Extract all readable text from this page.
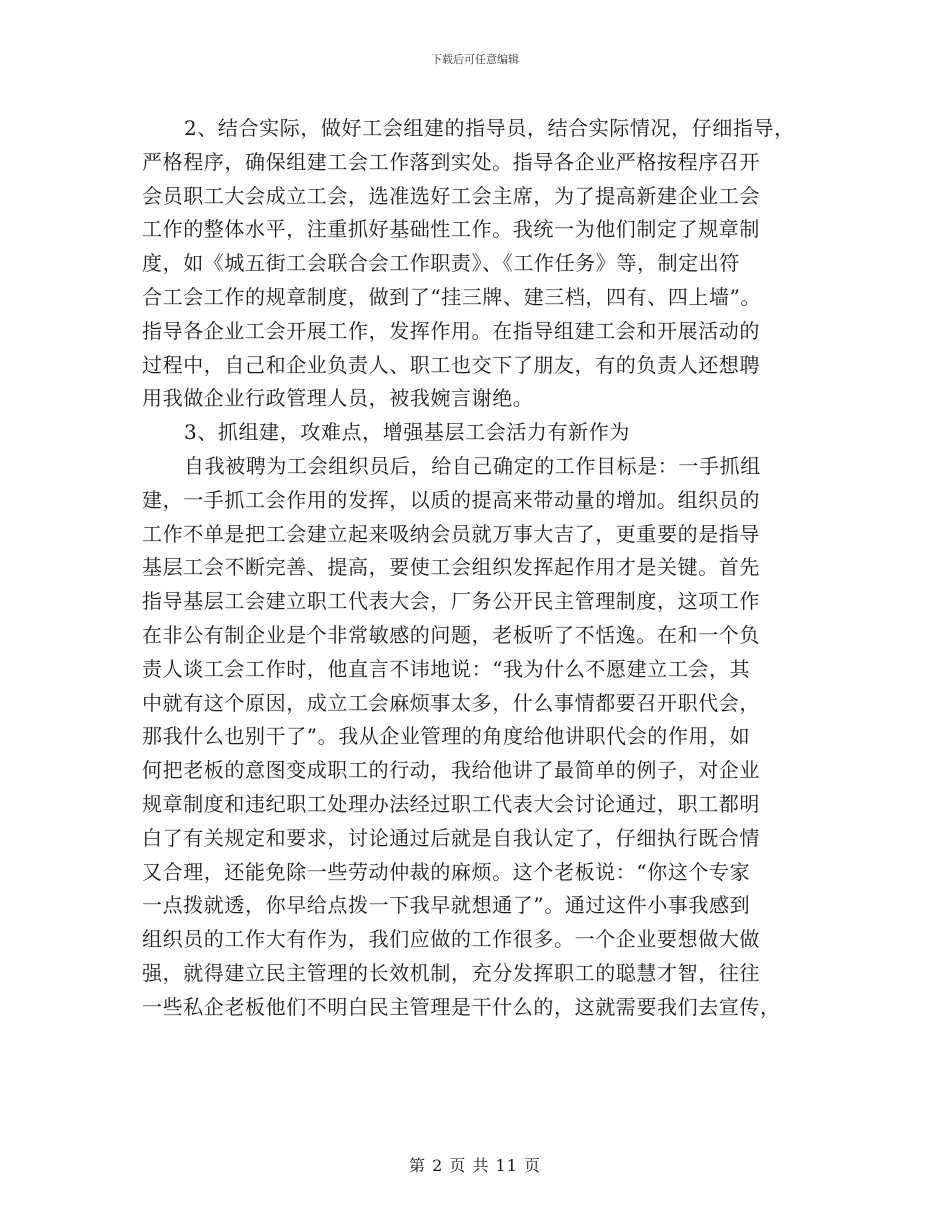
下载后可任意编辑
2、结合实际，做好工会组建的指导员，结合实际情况，仔细指导，
严格程序，确保组建工会工作落到实处。指导各企业严格按程序召开
会员职工大会成立工会，选准选好工会主席，为了提高新建企业工会
工作的整体水平，注重抓好基础性工作。我统一为他们制定了规章制
度，如《城五街工会联合会工作职责》、《工作任务》等，制定出符
合工会工作的规章制度，做到了“挂三牌、建三档，四有、四上墙”。
指导各企业工会开展工作，发挥作用。在指导组建工会和开展活动的
过程中，自己和企业负责人、职工也交下了朋友，有的负责人还想聘
用我做企业行政管理人员，被我婉言谢绝。
3、抓组建，攻难点，增强基层工会活力有新作为
自我被聘为工会组织员后，给自己确定的工作目标是：一手抓组
建，一手抓工会作用的发挥，以质的提高来带动量的增加。组织员的
工作不单是把工会建立起来吸纳会员就万事大吉了，更重要的是指导
基层工会不断完善、提高，要使工会组织发挥起作用才是关键。首先
指导基层工会建立职工代表大会，厂务公开民主管理制度，这项工作
在非公有制企业是个非常敏感的问题，老板听了不恬逸。在和一个负
责人谈工会工作时，他直言不讳地说：“我为什么不愿建立工会，其
中就有这个原因，成立工会麻烦事太多，什么事情都要召开职代会，
那我什么也别干了”。我从企业管理的角度给他讲职代会的作用，如
何把老板的意图变成职工的行动，我给他讲了最简单的例子，对企业
规章制度和违纪职工处理办法经过职工代表大会讨论通过，职工都明
白了有关规定和要求，讨论通过后就是自我认定了，仔细执行既合情
又合理，还能免除一些劳动仲裁的麻烦。这个老板说：“你这个专家
一点拨就透，你早给点拨一下我早就想通了”。通过这件小事我感到
组织员的工作大有作为，我们应做的工作很多。一个企业要想做大做
强，就得建立民主管理的长效机制，充分发挥职工的聪慧才智，往往
一些私企老板他们不明白民主管理是干什么的，这就需要我们去宣传，
第 2 页 共 11 页
